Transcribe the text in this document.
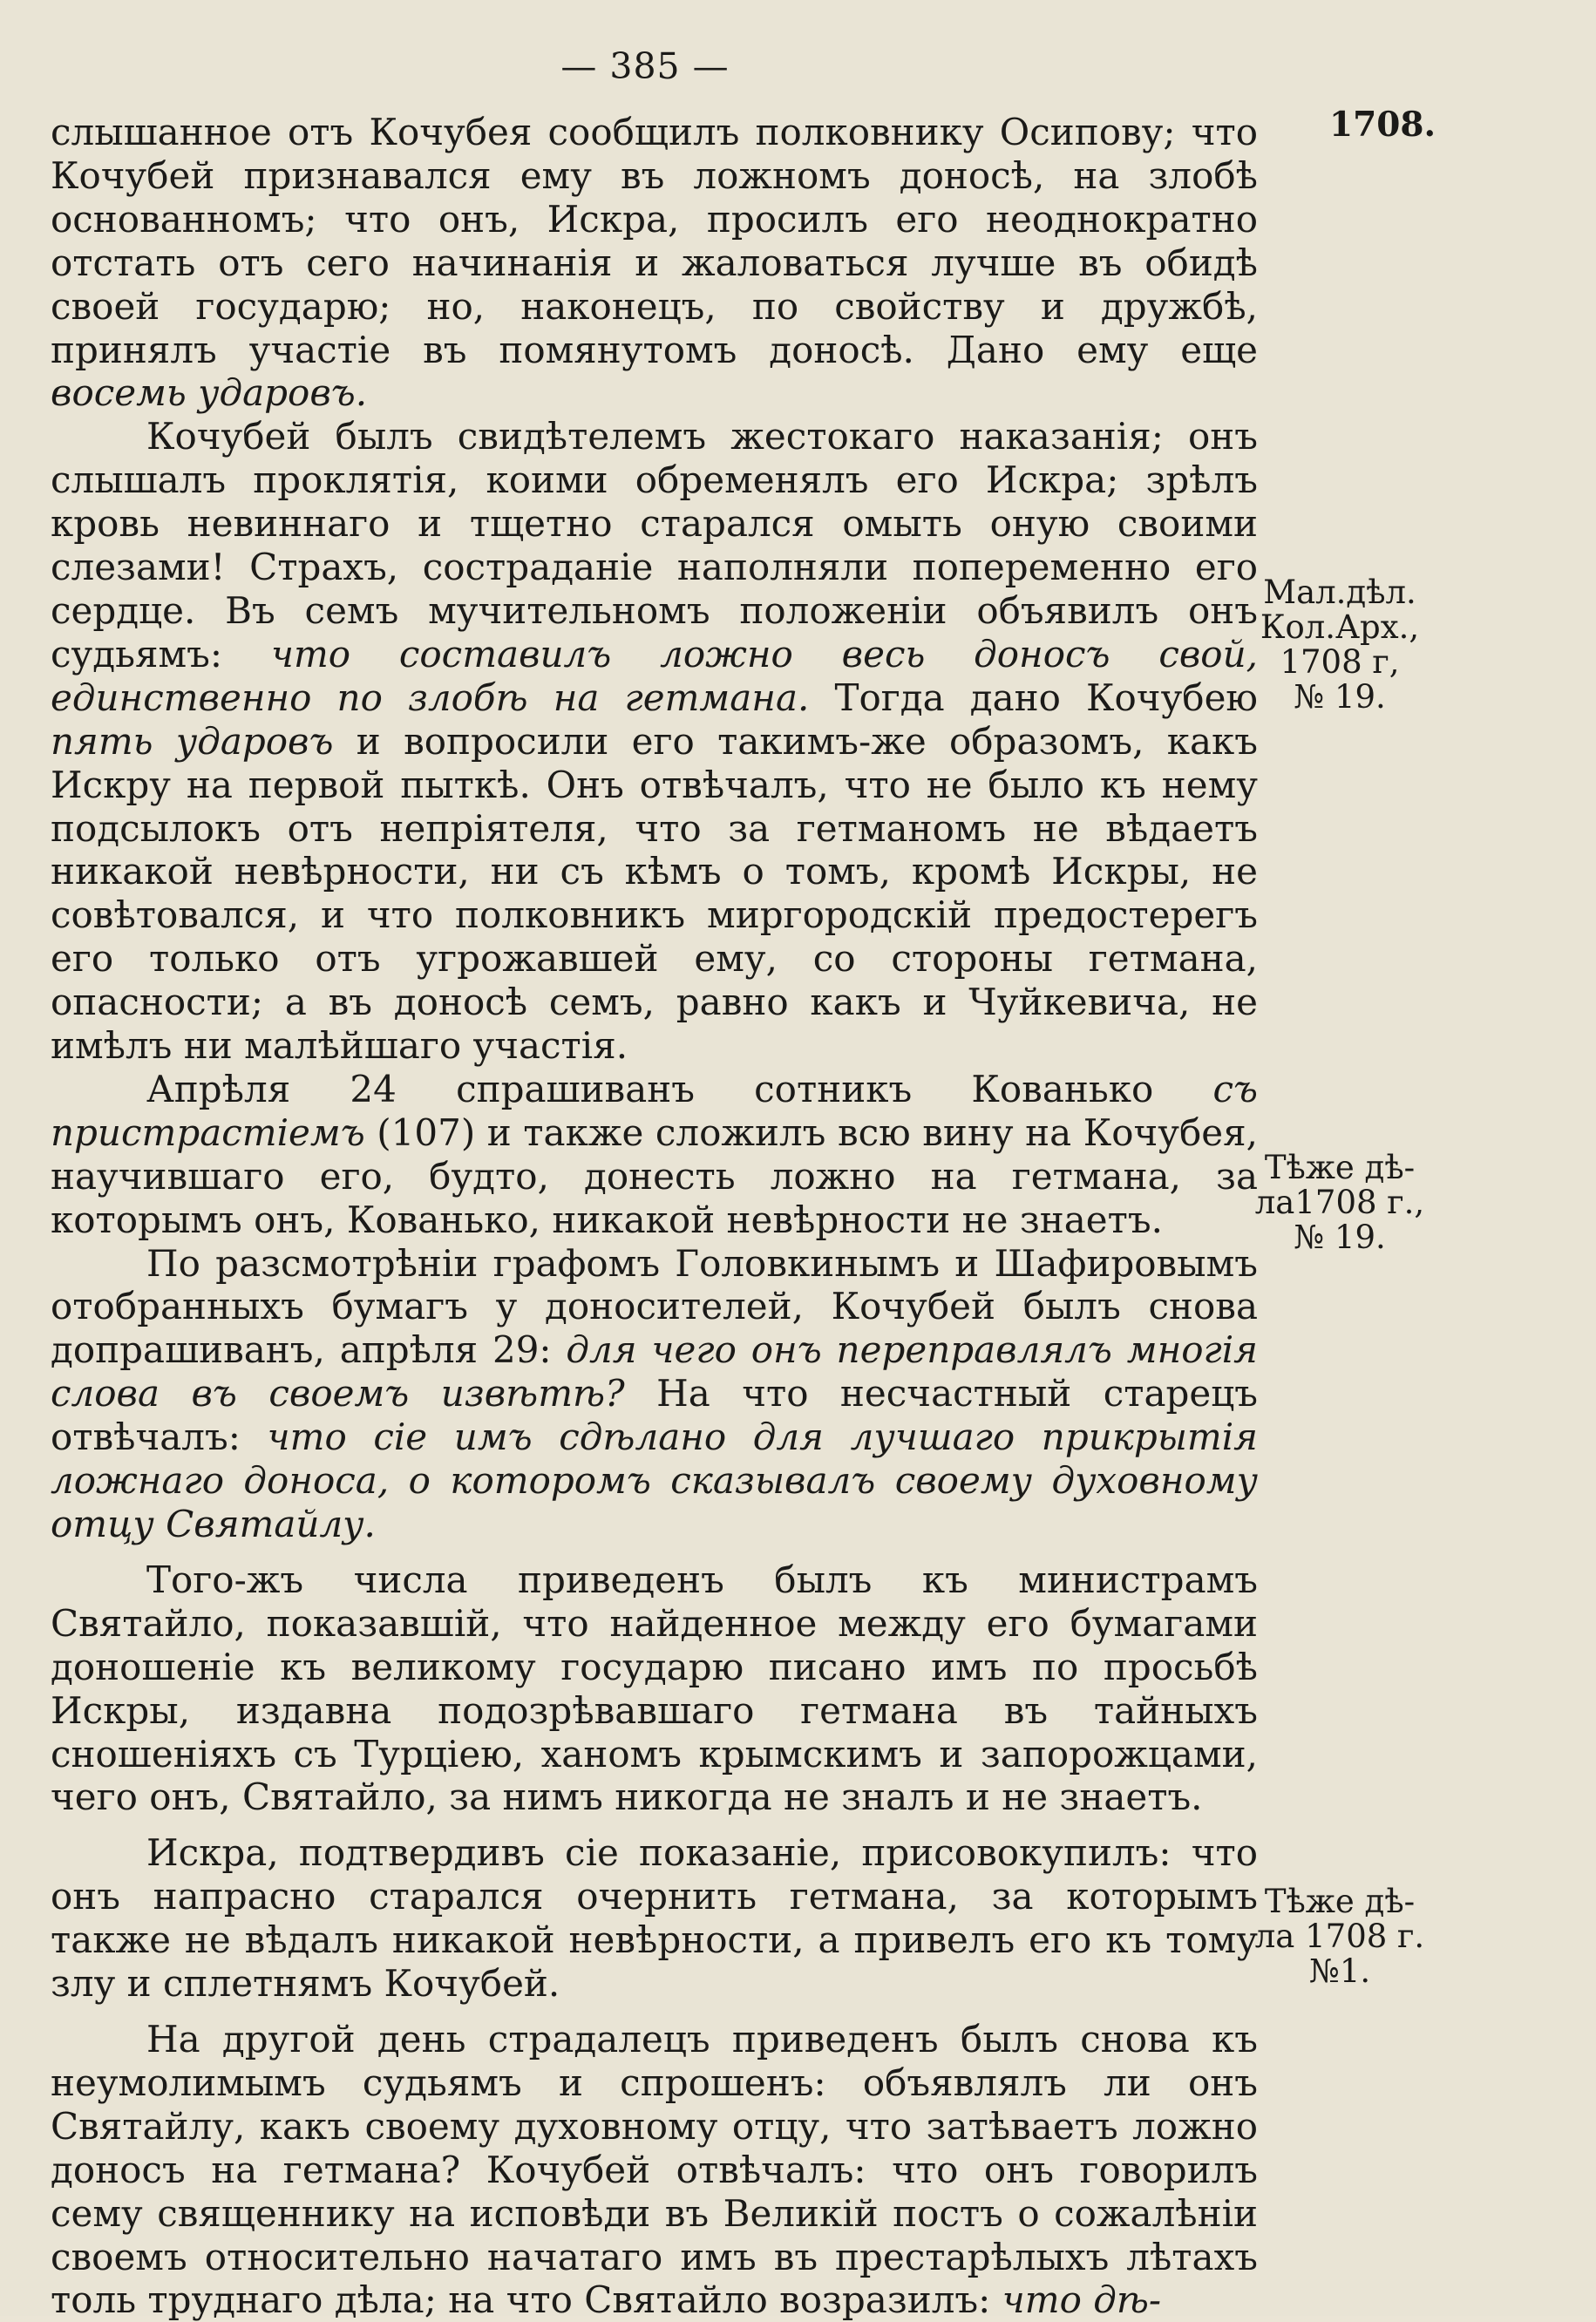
— 385 —
1708.

слышанное отъ Кочубея сообщилъ полковнику Осипову; что Кочубей признавался ему въ ложномъ доносѣ, на злобѣ основанномъ; что онъ, Искра, просилъ его неоднократно отстать отъ сего начинанія и жаловаться лучше въ обидѣ своей государю; но, наконецъ, по свойству и дружбѣ, принялъ участіе въ помянутомъ доносѣ. Дано ему еще восемь ударовъ.

Кочубей былъ свидѣтелемъ жестокаго наказанія; онъ слышалъ проклятія, коими обременялъ его Искра; зрѣлъ кровь невиннаго и тщетно старался омыть оную своими слезами! Страхъ, состраданіе наполняли попеременно его сердце. Въ семъ мучительномъ положеніи объявилъ онъ судьямъ: что составилъ ложно весь доносъ свой, единственно по злобѣ на гетмана. Тогда дано Кочубею пять ударовъ и вопросили его такимъ-же образомъ, какъ Искру на первой пыткѣ. Онъ отвѣчалъ, что не было къ нему подсылокъ отъ непріятеля, что за гетманомъ не вѣдаетъ никакой невѣрности, ни съ кѣмъ о томъ, кромѣ Искры, не совѣтовался, и что полковникъ миргородскій предостерегъ его только отъ угрожавшей ему, со стороны гетмана, опасности; а въ доносѣ семъ, равно какъ и Чуйкевича, не имѣлъ ни малѣйшаго участія.

Апрѣля 24 спрашиванъ сотникъ Кованько съ пристрастіемъ (107) и также сложилъ всю вину на Кочубея, научившаго его, будто, донесть ложно на гетмана, за которымъ онъ, Кованько, никакой невѣрности не знаетъ.

По разсмотрѣніи графомъ Головкинымъ и Шафировымъ отобранныхъ бумагъ у доносителей, Кочубей былъ снова допрашиванъ, апрѣля 29: для чего онъ переправлялъ многія слова въ своемъ извѣтѣ? На что несчастный старецъ отвѣчалъ: что сіе имъ сдѣлано для лучшаго прикрытія ложнаго доноса, о которомъ сказывалъ своему духовному отцу Святайлу.

Того-жъ числа приведенъ былъ къ министрамъ Святайло, показавшій, что найденное между его бумагами доношеніе къ великому государю писано имъ по просьбѣ Искры, издавна подозрѣвавшаго гетмана въ тайныхъ сношеніяхъ съ Турціею, ханомъ крымскимъ и запорожцами, чего онъ, Святайло, за нимъ никогда не зналъ и не знаетъ.

Искра, подтвердивъ сіе показаніе, присовокупилъ: что онъ напрасно старался очернить гетмана, за которымъ также не вѣдалъ никакой невѣрности, а привелъ его къ тому злу и сплетнямъ Кочубей.

На другой день страдалецъ приведенъ былъ снова къ неумолимымъ судьямъ и спрошенъ: объявлялъ ли онъ Святайлу, какъ своему духовному отцу, что затѣваетъ ложно доносъ на гетмана? Кочубей отвѣчалъ: что онъ говорилъ сему священнику на исповѣди въ Великій постъ о сожалѣніи своемъ относительно начатаго имъ въ престарѣлыхъ лѣтахъ толь труднаго дѣла; на что Святайло возразилъ: что дѣ-

Мал.дѣл.
Кол.Арх.,
1708 г,
№ 19.
Тѣже дѣ-
ла1708 г.,
№ 19.
Тѣже дѣ-
ла 1708 г.
№1.
